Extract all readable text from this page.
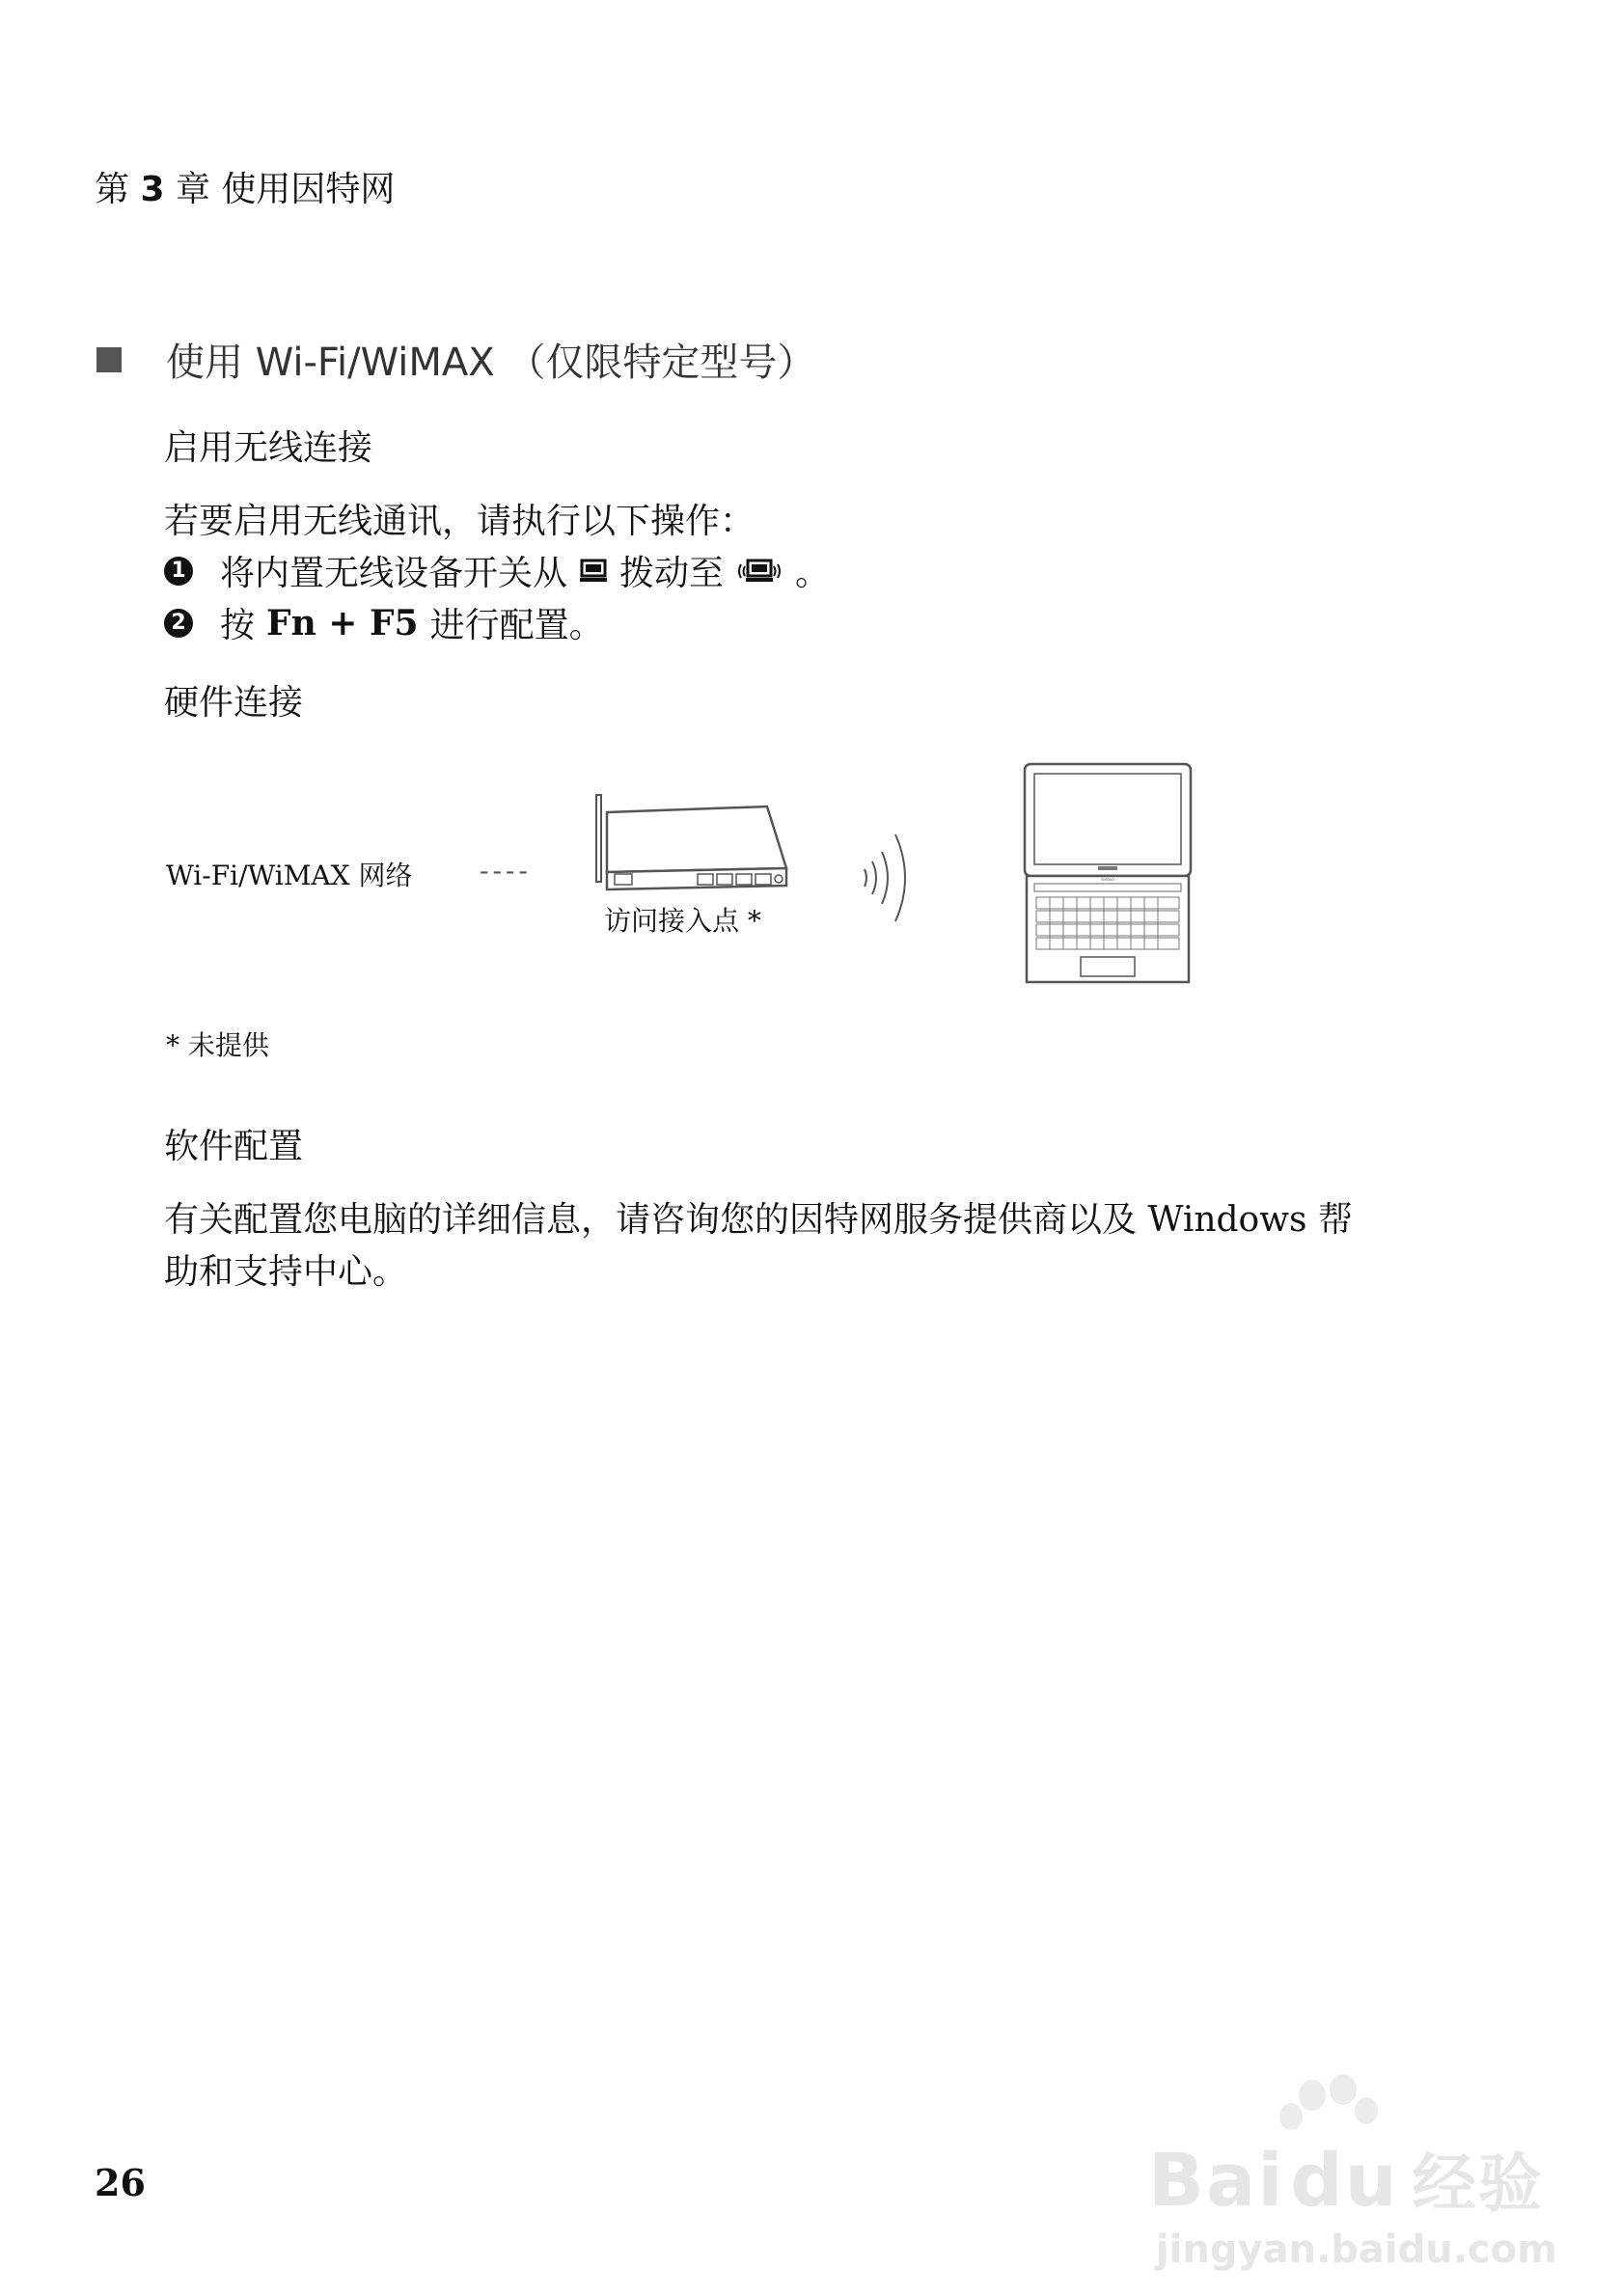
第 3 章 使用因特网
使用 Wi-Fi/WiMAX （仅限特定型号）
启用无线连接
若要启用无线通讯，请执行以下操作：
1 将内置无线设备开关从 拨动至 。
2 按 Fn + F5 进行配置。
硬件连接
Wi-Fi/WiMAX 网络 ----
访问接入点 *
lenovo
* 未提供
软件配置
有关配置您电脑的详细信息，请咨询您的因特网服务提供商以及 Windows 帮
助和支持中心。
26	Bai du 经验
jingyan.baidu.com
